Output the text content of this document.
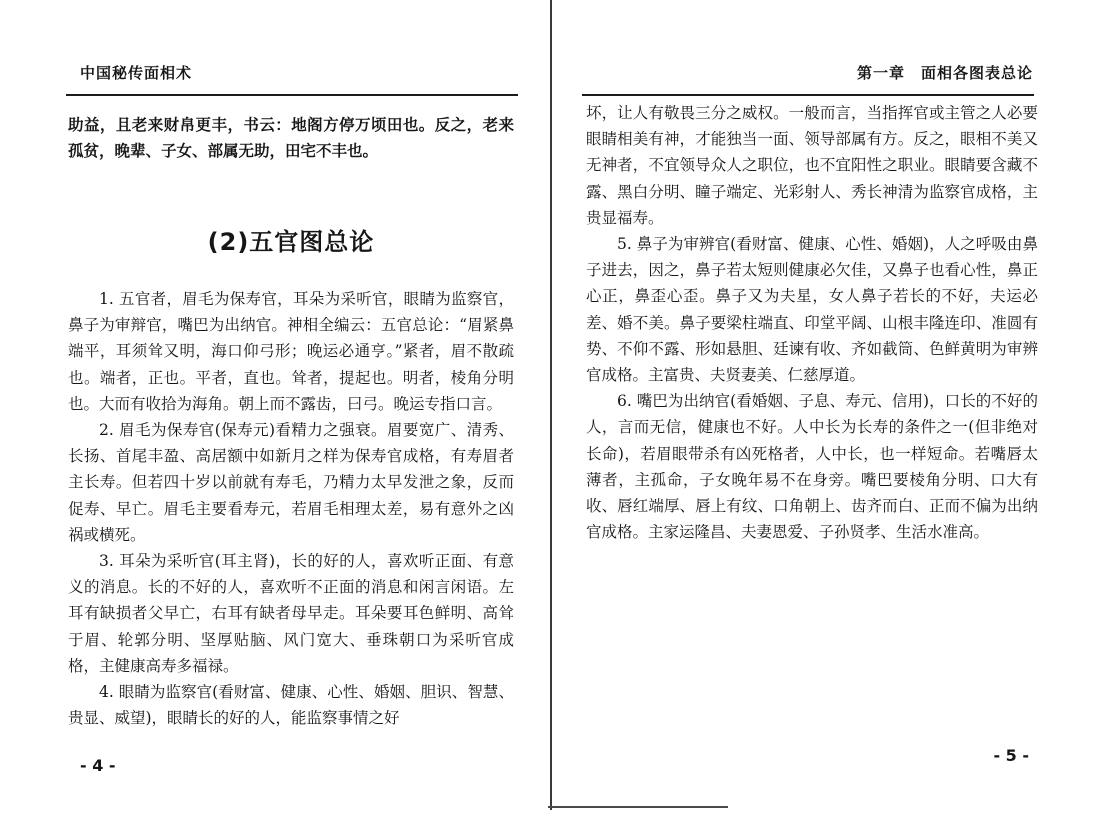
中国秘传面相术

助益，且老来财帛更丰，书云：地阁方停万顷田也。反之，老来孤贫，晚辈、子女、部属无助，田宅不丰也。

(2)五官图总论

1. 五官者，眉毛为保寿官，耳朵为采听官，眼睛为监察官，鼻子为审辩官，嘴巴为出纳官。神相全编云：五官总论：“眉紧鼻端平，耳须耸又明，海口仰弓形；晚运必通亨。”紧者，眉不散疏也。端者，正也。平者，直也。耸者，提起也。明者，棱角分明也。大而有收拾为海角。朝上而不露齿，曰弓。晚运专指口言。

2. 眉毛为保寿官(保寿元)看精力之强衰。眉要宽广、清秀、长扬、首尾丰盈、高居额中如新月之样为保寿官成格，有寿眉者主长寿。但若四十岁以前就有寿毛，乃精力太早发泄之象，反而促寿、早亡。眉毛主要看寿元，若眉毛相理太差，易有意外之凶祸或横死。

3. 耳朵为采听官(耳主肾)，长的好的人，喜欢听正面、有意义的消息。长的不好的人，喜欢听不正面的消息和闲言闲语。左耳有缺损者父早亡，右耳有缺者母早走。耳朵要耳色鲜明、高耸于眉、轮郭分明、坚厚贴脑、风门宽大、垂珠朝口为采听官成格，主健康高寿多福禄。

4. 眼睛为监察官(看财富、健康、心性、婚姻、胆识、智慧、贵显、威望)，眼睛长的好的人，能监察事情之好

- 4 -
第一章　面相各图表总论

坏，让人有敬畏三分之威权。一般而言，当指挥官或主管之人必要眼睛相美有神，才能独当一面、领导部属有方。反之，眼相不美又无神者，不宜领导众人之职位，也不宜阳性之职业。眼睛要含藏不露、黑白分明、瞳子端定、光彩射人、秀长神清为监察官成格，主贵显福寿。

5. 鼻子为审辨官(看财富、健康、心性、婚姻)，人之呼吸由鼻子进去，因之，鼻子若太短则健康必欠佳，又鼻子也看心性，鼻正心正，鼻歪心歪。鼻子又为夫星，女人鼻子若长的不好，夫运必差、婚不美。鼻子要梁柱端直、印堂平阔、山根丰隆连印、准圆有势、不仰不露、形如悬胆、廷谏有收、齐如截筒、色鲜黄明为审辨官成格。主富贵、夫贤妻美、仁慈厚道。

6. 嘴巴为出纳官(看婚姻、子息、寿元、信用)，口长的不好的人，言而无信，健康也不好。人中长为长寿的条件之一(但非绝对长命)，若眉眼带杀有凶死格者，人中长，也一样短命。若嘴唇太薄者，主孤命，子女晚年易不在身旁。嘴巴要棱角分明、口大有收、唇红端厚、唇上有纹、口角朝上、齿齐而白、正而不偏为出纳官成格。主家运隆昌、夫妻恩爱、子孙贤孝、生活水准高。

- 5 -
